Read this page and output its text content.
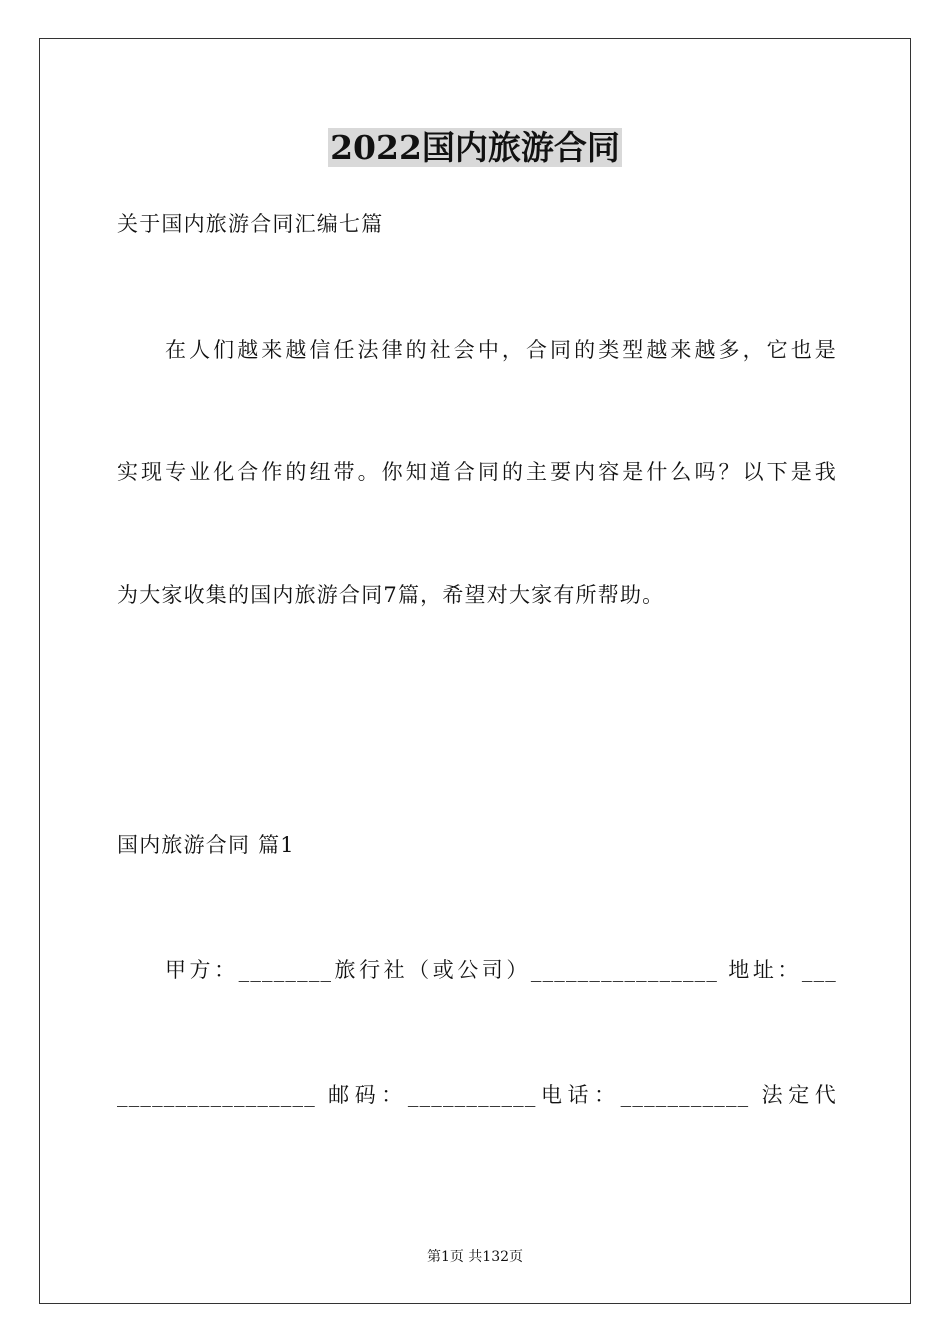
2022国内旅游合同
关于国内旅游合同汇编七篇
在人们越来越信任法律的社会中，合同的类型越来越多，它也是
实现专业化合作的纽带。你知道合同的主要内容是什么吗？以下是我
为大家收集的国内旅游合同7篇，希望对大家有所帮助。
国内旅游合同 篇1
甲方：________旅行社（或公司）________________ 地址：___
_________________ 邮码：___________电话：___________ 法定代
第1页 共132页
